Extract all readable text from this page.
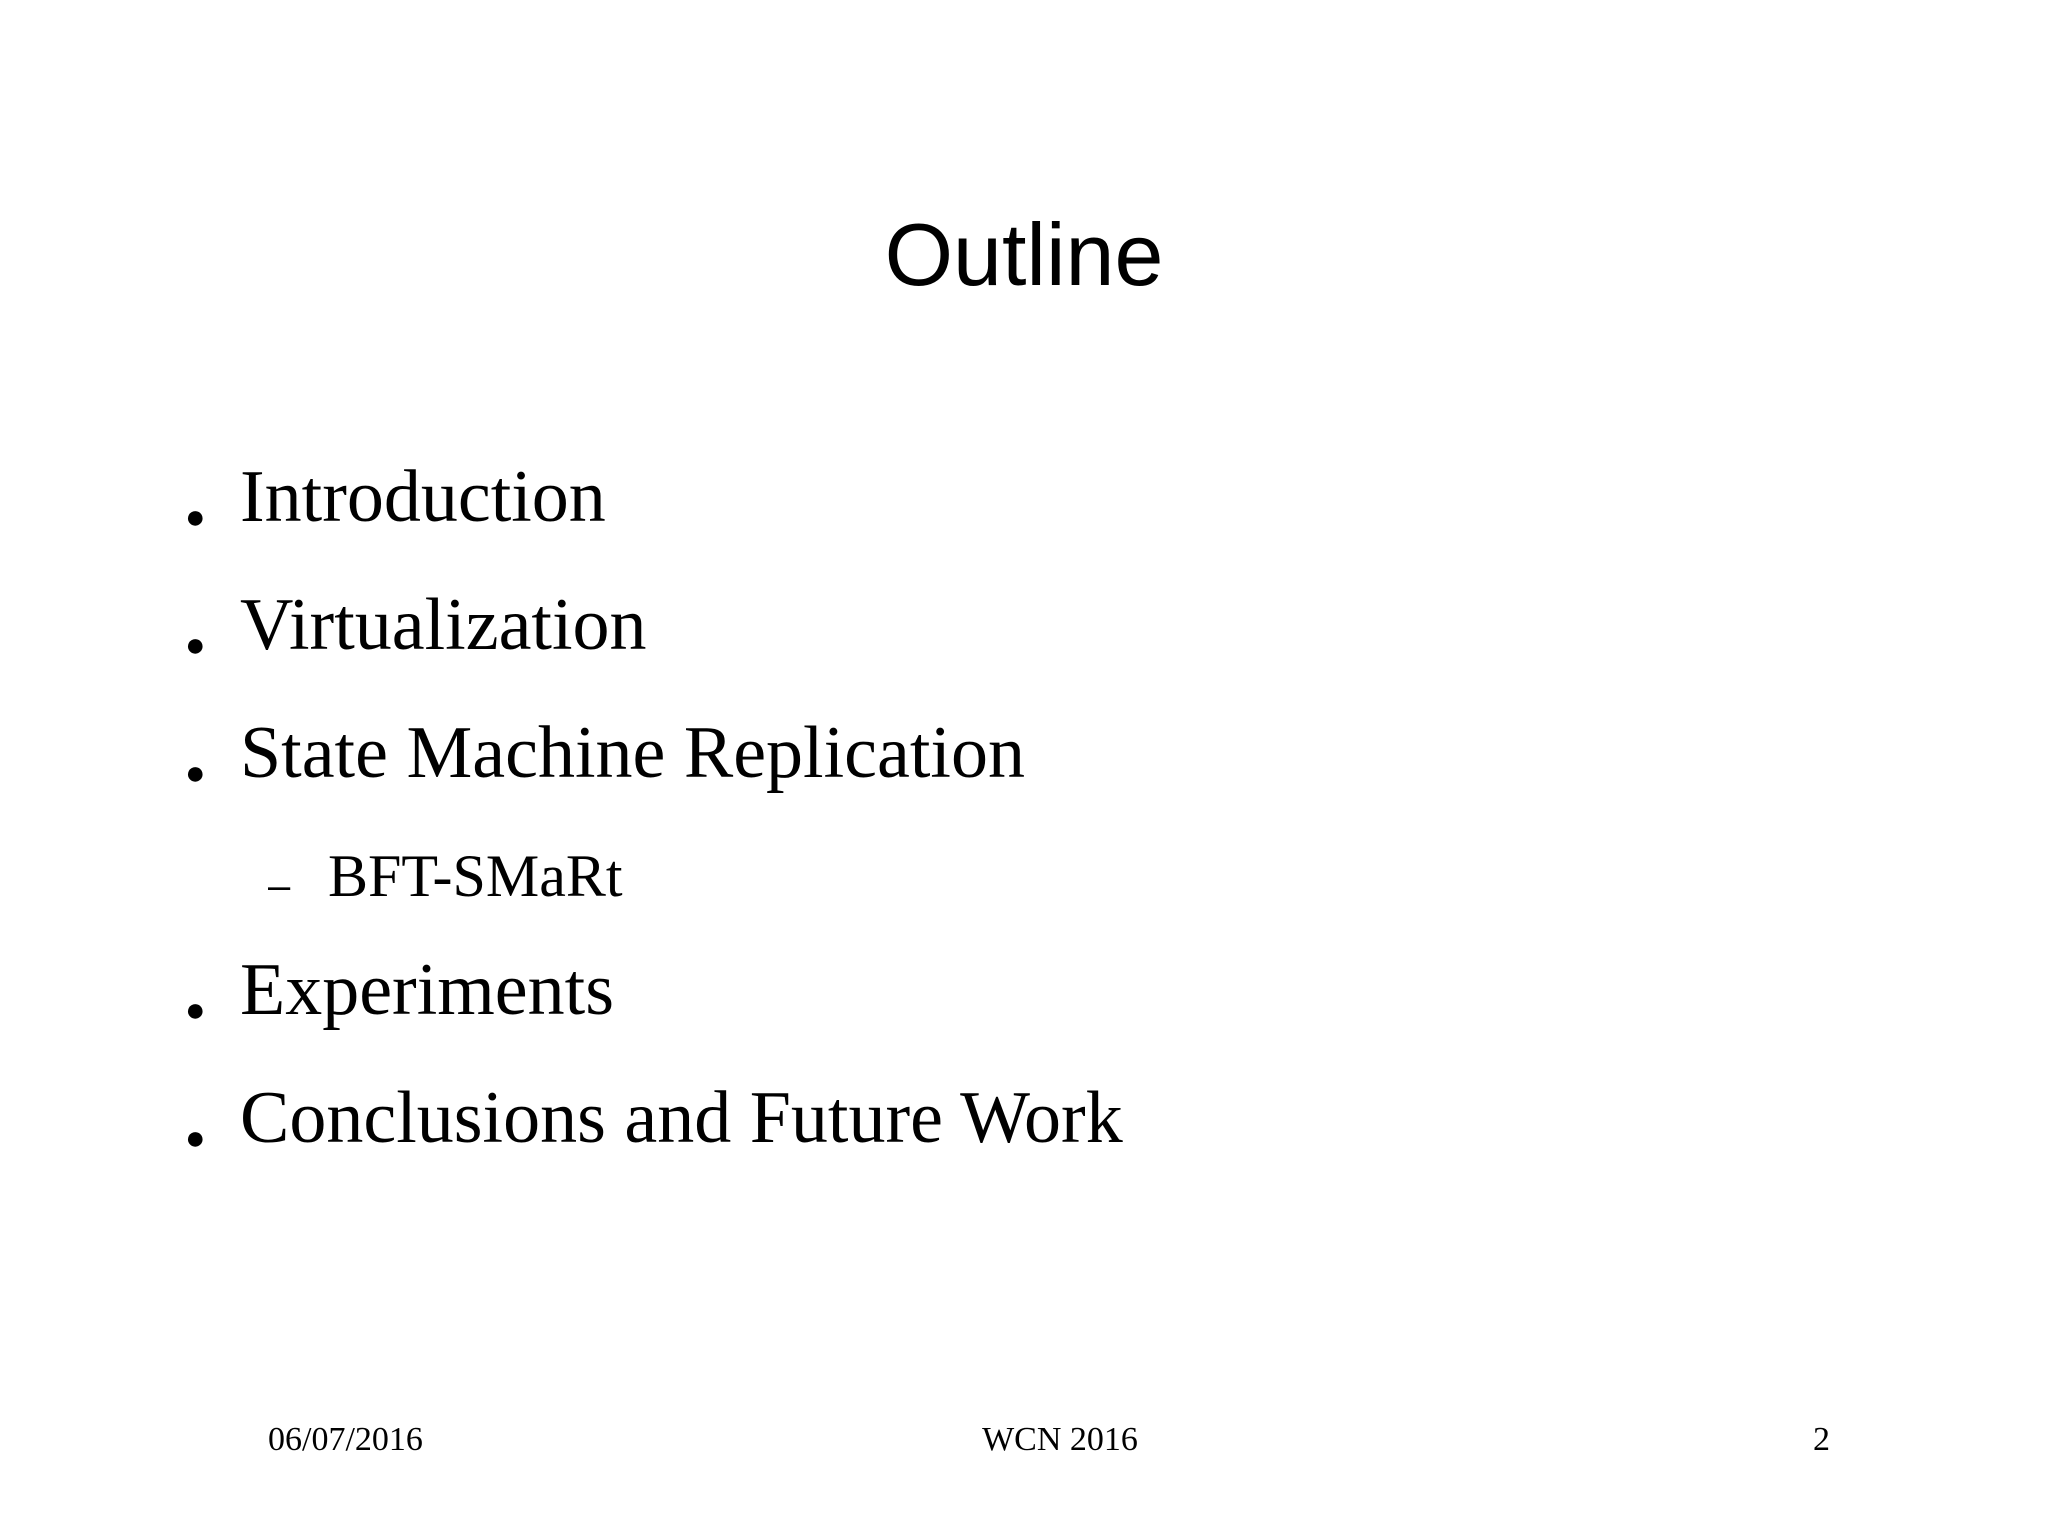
Outline
● Introduction
● Virtualization
● State Machine Replication
– BFT-SMaRt
● Experiments
● Conclusions and Future Work
06/07/2016	WCN 2016	2
